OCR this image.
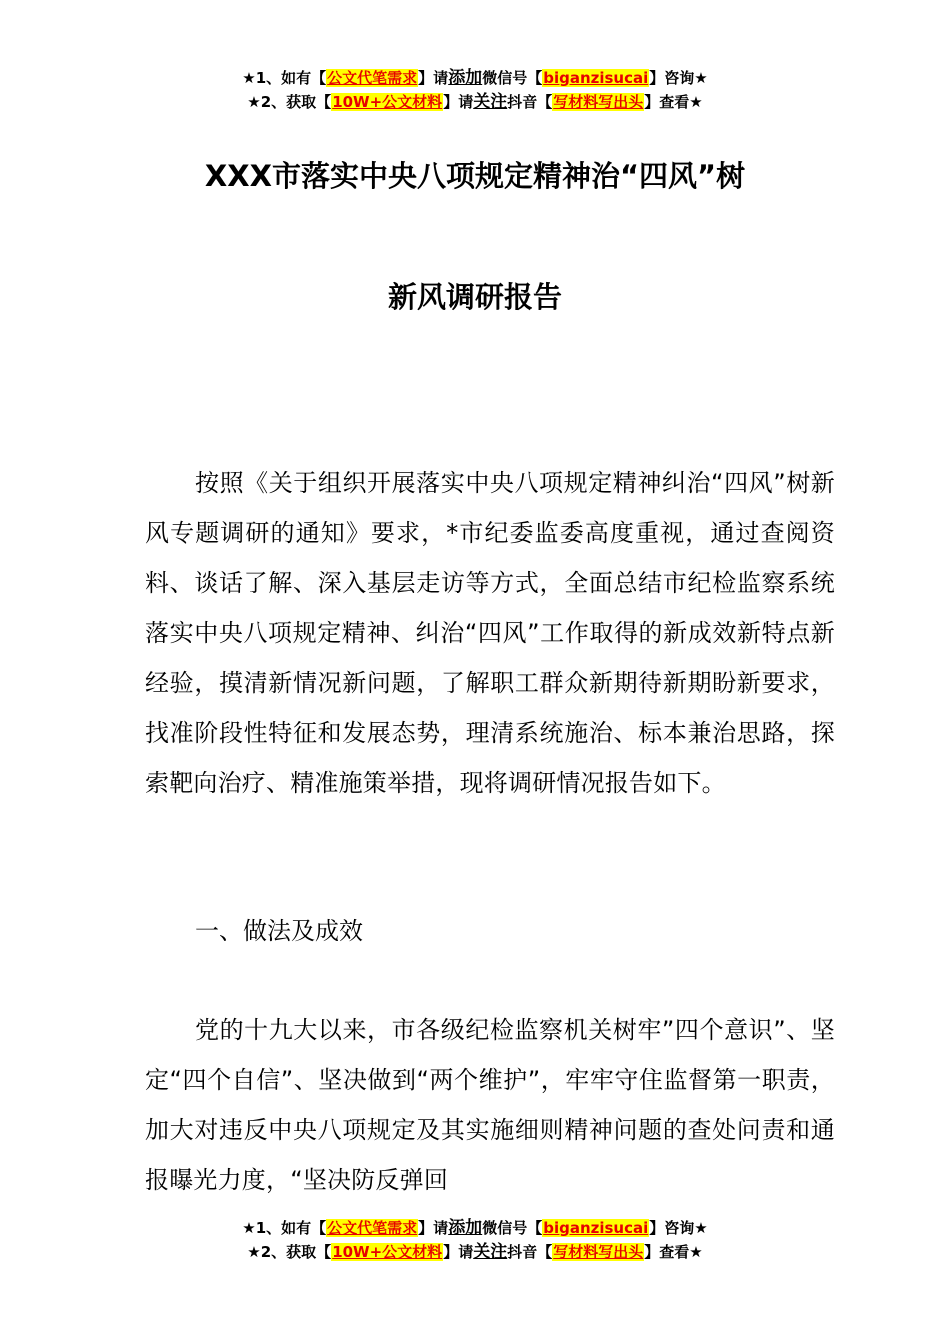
★1、如有【公文代笔需求】请添加微信号【biganzisucai】咨询★
★2、获取【10W+公文材料】请关注抖音【写材料写出头】查看★
XXX市落实中央八项规定精神治“四风”树
新风调研报告

按照《关于组织开展落实中央八项规定精神纠治“四风”树新风专题调研的通知》要求，*市纪委监委高度重视，通过查阅资料、谈话了解、深入基层走访等方式，全面总结市纪检监察系统落实中央八项规定精神、纠治“四风”工作取得的新成效新特点新经验，摸清新情况新问题，了解职工群众新期待新期盼新要求，找准阶段性特征和发展态势，理清系统施治、标本兼治思路，探索靶向治疗、精准施策举措，现将调研情况报告如下。

一、做法及成效

党的十九大以来，市各级纪检监察机关树牢”四个意识”、坚定“四个自信”、坚决做到“两个维护”，牢牢守住监督第一职责，加大对违反中央八项规定及其实施细则精神问题的查处问责和通报曝光力度，“坚决防反弹回

★1、如有【公文代笔需求】请添加微信号【biganzisucai】咨询★
★2、获取【10W+公文材料】请关注抖音【写材料写出头】查看★
